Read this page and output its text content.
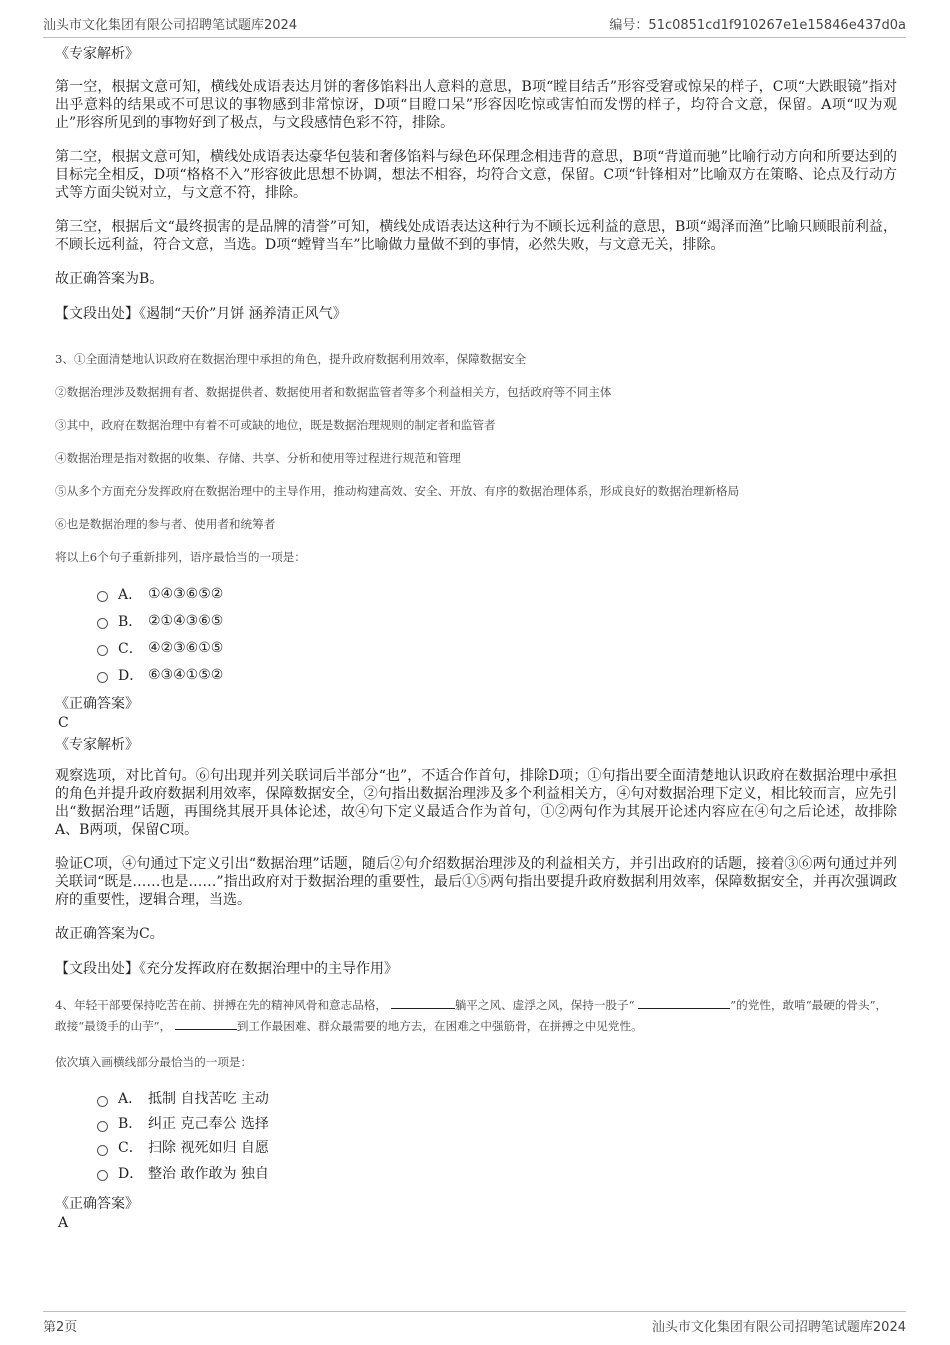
汕头市文化集团有限公司招聘笔试题库2024	编号：51c0851cd1f910267e1e15846e437d0a
《专家解析》

第一空，根据文意可知，横线处成语表达月饼的奢侈馅料出人意料的意思，B项“瞠目结舌”形容受窘或惊呆的样子，C项“大跌眼镜”指对出乎意料的结果或不可思议的事物感到非常惊讶，D项“目瞪口呆”形容因吃惊或害怕而发愣的样子，均符合文意，保留。A项“叹为观止”形容所见到的事物好到了极点，与文段感情色彩不符，排除。

第二空，根据文意可知，横线处成语表达豪华包装和奢侈馅料与绿色环保理念相违背的意思，B项“背道而驰”比喻行动方向和所要达到的目标完全相反，D项“格格不入”形容彼此思想不协调，想法不相容，均符合文意，保留。C项“针锋相对”比喻双方在策略、论点及行动方式等方面尖锐对立，与文意不符，排除。

第三空，根据后文“最终损害的是品牌的清誉”可知，横线处成语表达这种行为不顾长远利益的意思，B项“竭泽而渔”比喻只顾眼前利益，不顾长远利益，符合文意，当选。D项“螳臂当车”比喻做力量做不到的事情，必然失败，与文意无关，排除。

故正确答案为B。

【文段出处】《遏制“天价”月饼 涵养清正风气》
3、①全面清楚地认识政府在数据治理中承担的角色，提升政府数据利用效率，保障数据安全
②数据治理涉及数据拥有者、数据提供者、数据使用者和数据监管者等多个利益相关方，包括政府等不同主体
③其中，政府在数据治理中有着不可或缺的地位，既是数据治理规则的制定者和监管者
④数据治理是指对数据的收集、存储、共享、分析和使用等过程进行规范和管理
⑤从多个方面充分发挥政府在数据治理中的主导作用，推动构建高效、安全、开放、有序的数据治理体系，形成良好的数据治理新格局
⑥也是数据治理的参与者、使用者和统筹者
将以上6个句子重新排列，语序最恰当的一项是：
A． ①④③⑥⑤②
B． ②①④③⑥⑤
C． ④②③⑥①⑤
D． ⑥③④①⑤②
《正确答案》
C
《专家解析》

观察选项，对比首句。⑥句出现并列关联词后半部分“也”，不适合作首句，排除D项；①句指出要全面清楚地认识政府在数据治理中承担的角色并提升政府数据利用效率，保障数据安全，②句指出数据治理涉及多个利益相关方，④句对数据治理下定义，相比较而言，应先引出“数据治理”话题，再围绕其展开具体论述，故④句下定义最适合作为首句，①②两句作为其展开论述内容应在④句之后论述，故排除A、B两项，保留C项。

验证C项，④句通过下定义引出“数据治理”话题，随后②句介绍数据治理涉及的利益相关方，并引出政府的话题，接着③⑥两句通过并列关联词“既是……也是……”指出政府对于数据治理的重要性，最后①⑤两句指出要提升政府数据利用效率，保障数据安全，并再次强调政府的重要性，逻辑合理，当选。

故正确答案为C。

【文段出处】《充分发挥政府在数据治理中的主导作用》
4、年轻干部要保持吃苦在前、拼搏在先的精神风骨和意志品格，	躺平之风、虚浮之风，保持一股子“	”的党性，敢啃“最硬的骨头”，敢接“最烫手的山芋”，	到工作最困难、群众最需要的地方去，在困难之中强筋骨，在拼搏之中见党性。
依次填入画横线部分最恰当的一项是：
A． 抵制 自找苦吃 主动
B． 纠正 克己奉公 选择
C． 扫除 视死如归 自愿
D． 整治 敢作敢为 独自
《正确答案》
A
第2页	汕头市文化集团有限公司招聘笔试题库2024
